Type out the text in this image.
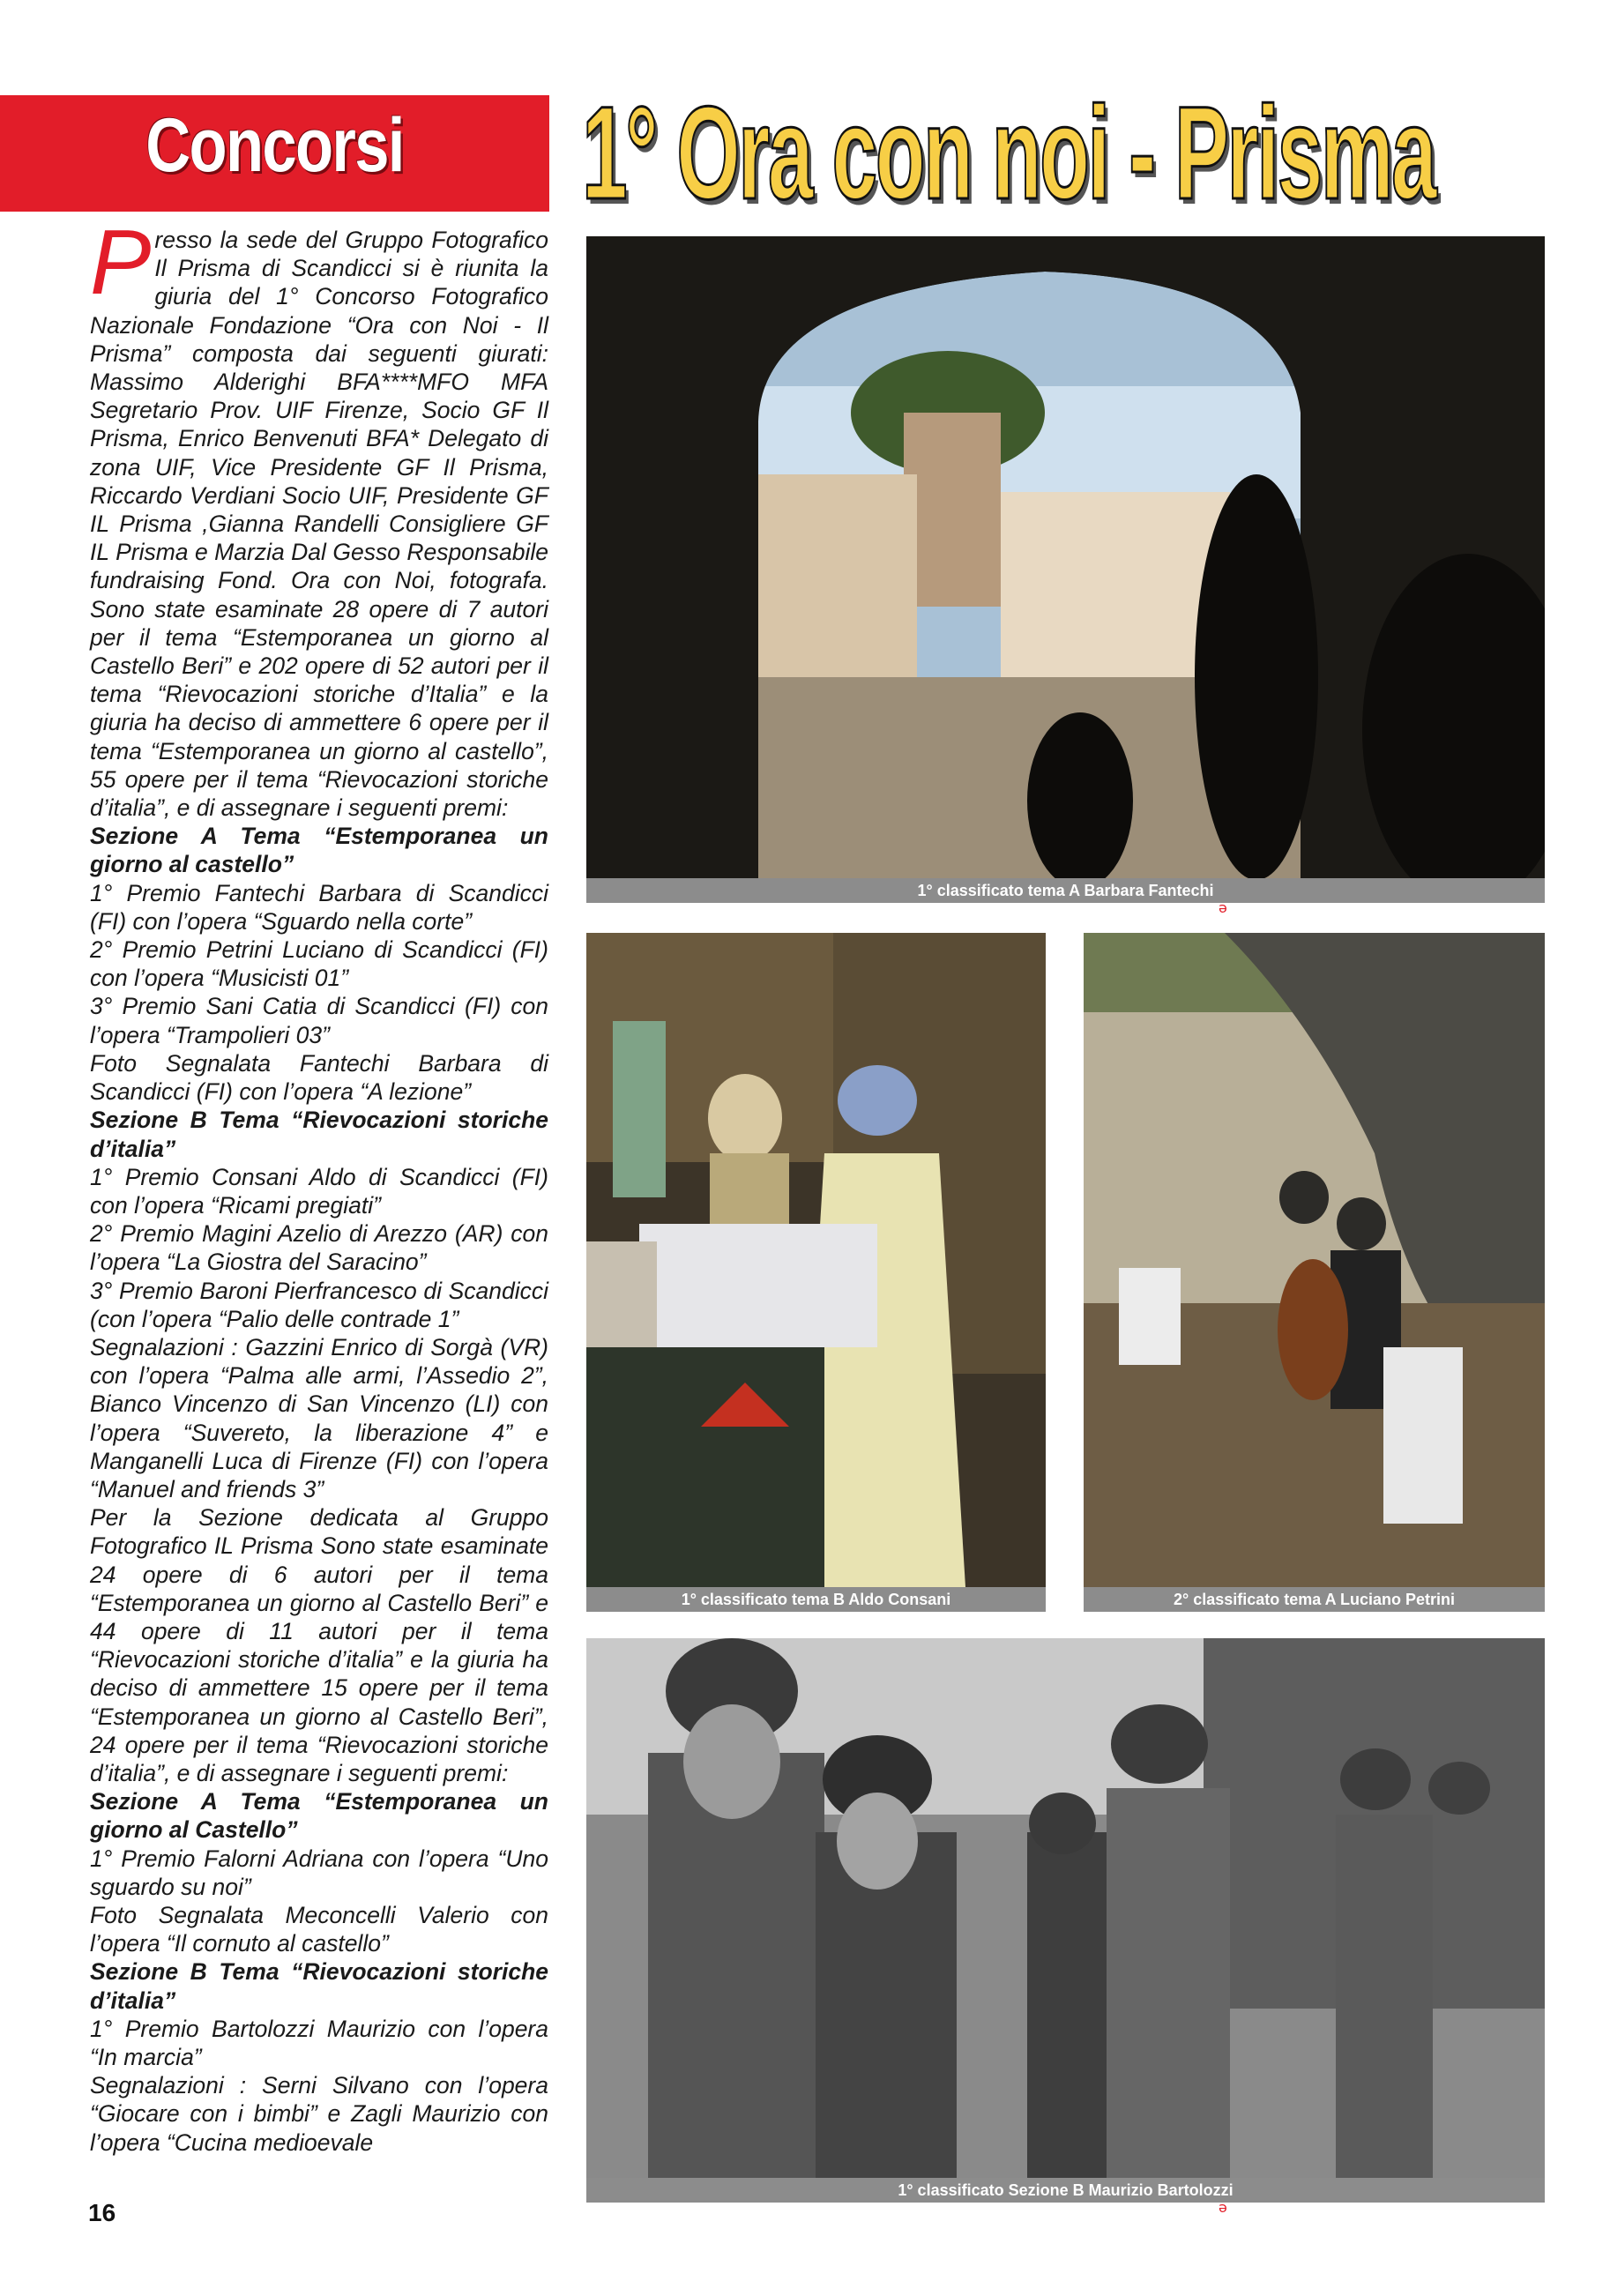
Concorsi	1° Ora con noi - Prisma

Presso la sede del Gruppo Fotografico Il Prisma di Scandicci si è riunita la giuria del 1° Concorso Fotografico Nazionale Fondazione “Ora con Noi - Il Prisma” composta dai seguenti giurati: Massimo Alderighi BFA****MFO MFA Segretario Prov. UIF Firenze, Socio GF Il Prisma, Enrico Benvenuti BFA* Delegato di zona UIF, Vice Presidente GF Il Prisma, Riccardo Verdiani Socio UIF, Presidente GF IL Prisma ,Gianna Randelli Consigliere GF IL Prisma e Marzia Dal Gesso Responsabile fundraising Fond. Ora con Noi, fotografa. Sono state esaminate 28 opere di 7 autori per il tema “Estemporanea un giorno al Castello Beri” e 202 opere di 52 autori per il tema “Rievocazioni storiche d’Italia” e la giuria ha deciso di ammettere 6 opere per il tema “Estemporanea un giorno al castello”, 55 opere per il tema “Rievocazioni storiche d’italia”, e di assegnare i seguenti premi:

Sezione A Tema “Estemporanea un giorno al castello”

1° Premio Fantechi Barbara di Scandicci (FI) con l’opera “Sguardo nella corte”

2° Premio Petrini Luciano di Scandicci (FI) con l’opera “Musicisti 01”

3° Premio Sani Catia di Scandicci (FI) con l’opera “Trampolieri 03”

Foto Segnalata Fantechi Barbara di Scandicci (FI) con l’opera “A lezione”

Sezione B Tema “Rievocazioni storiche d’italia”

1° Premio Consani Aldo di Scandicci (FI) con l’opera “Ricami pregiati”

2° Premio Magini Azelio di Arezzo (AR) con l’opera “La Giostra del Saracino”

3° Premio Baroni Pierfrancesco di Scandicci (con l’opera “Palio delle contrade 1”

Segnalazioni : Gazzini Enrico di Sorgà (VR) con l’opera “Palma alle armi, l’Assedio 2”, Bianco Vincenzo di San Vincenzo (LI) con l’opera “Suvereto, la liberazione 4” e Manganelli Luca di Firenze (FI) con l’opera “Manuel and friends 3”

Per la Sezione dedicata al Gruppo Fotografico IL Prisma Sono state esaminate 24 opere di 6 autori per il tema “Estemporanea un giorno al Castello Beri” e 44 opere di 11 autori per il tema “Rievocazioni storiche d’italia” e la giuria ha deciso di ammettere 15 opere per il tema “Estemporanea un giorno al Castello Beri”, 24 opere per il tema “Rievocazioni storiche d’italia”, e di assegnare i seguenti premi:

Sezione A Tema “Estemporanea un giorno al Castello”

1° Premio Falorni Adriana con l’opera “Uno sguardo su noi”

Foto Segnalata Meconcelli Valerio con l’opera “Il cornuto al castello”

Sezione B Tema “Rievocazioni storiche d’italia”

1° Premio Bartolozzi Maurizio con l’opera “In marcia”

Segnalazioni : Serni Silvano con l’opera “Giocare con i bimbi” e Zagli Maurizio con l’opera “Cucina medioevale

16
1° classificato tema A Barbara Fantechi
ә
1° classificato tema B Aldo Consani	2° classificato tema A Luciano Petrini
1° classificato Sezione B Maurizio Bartolozzi
ә
